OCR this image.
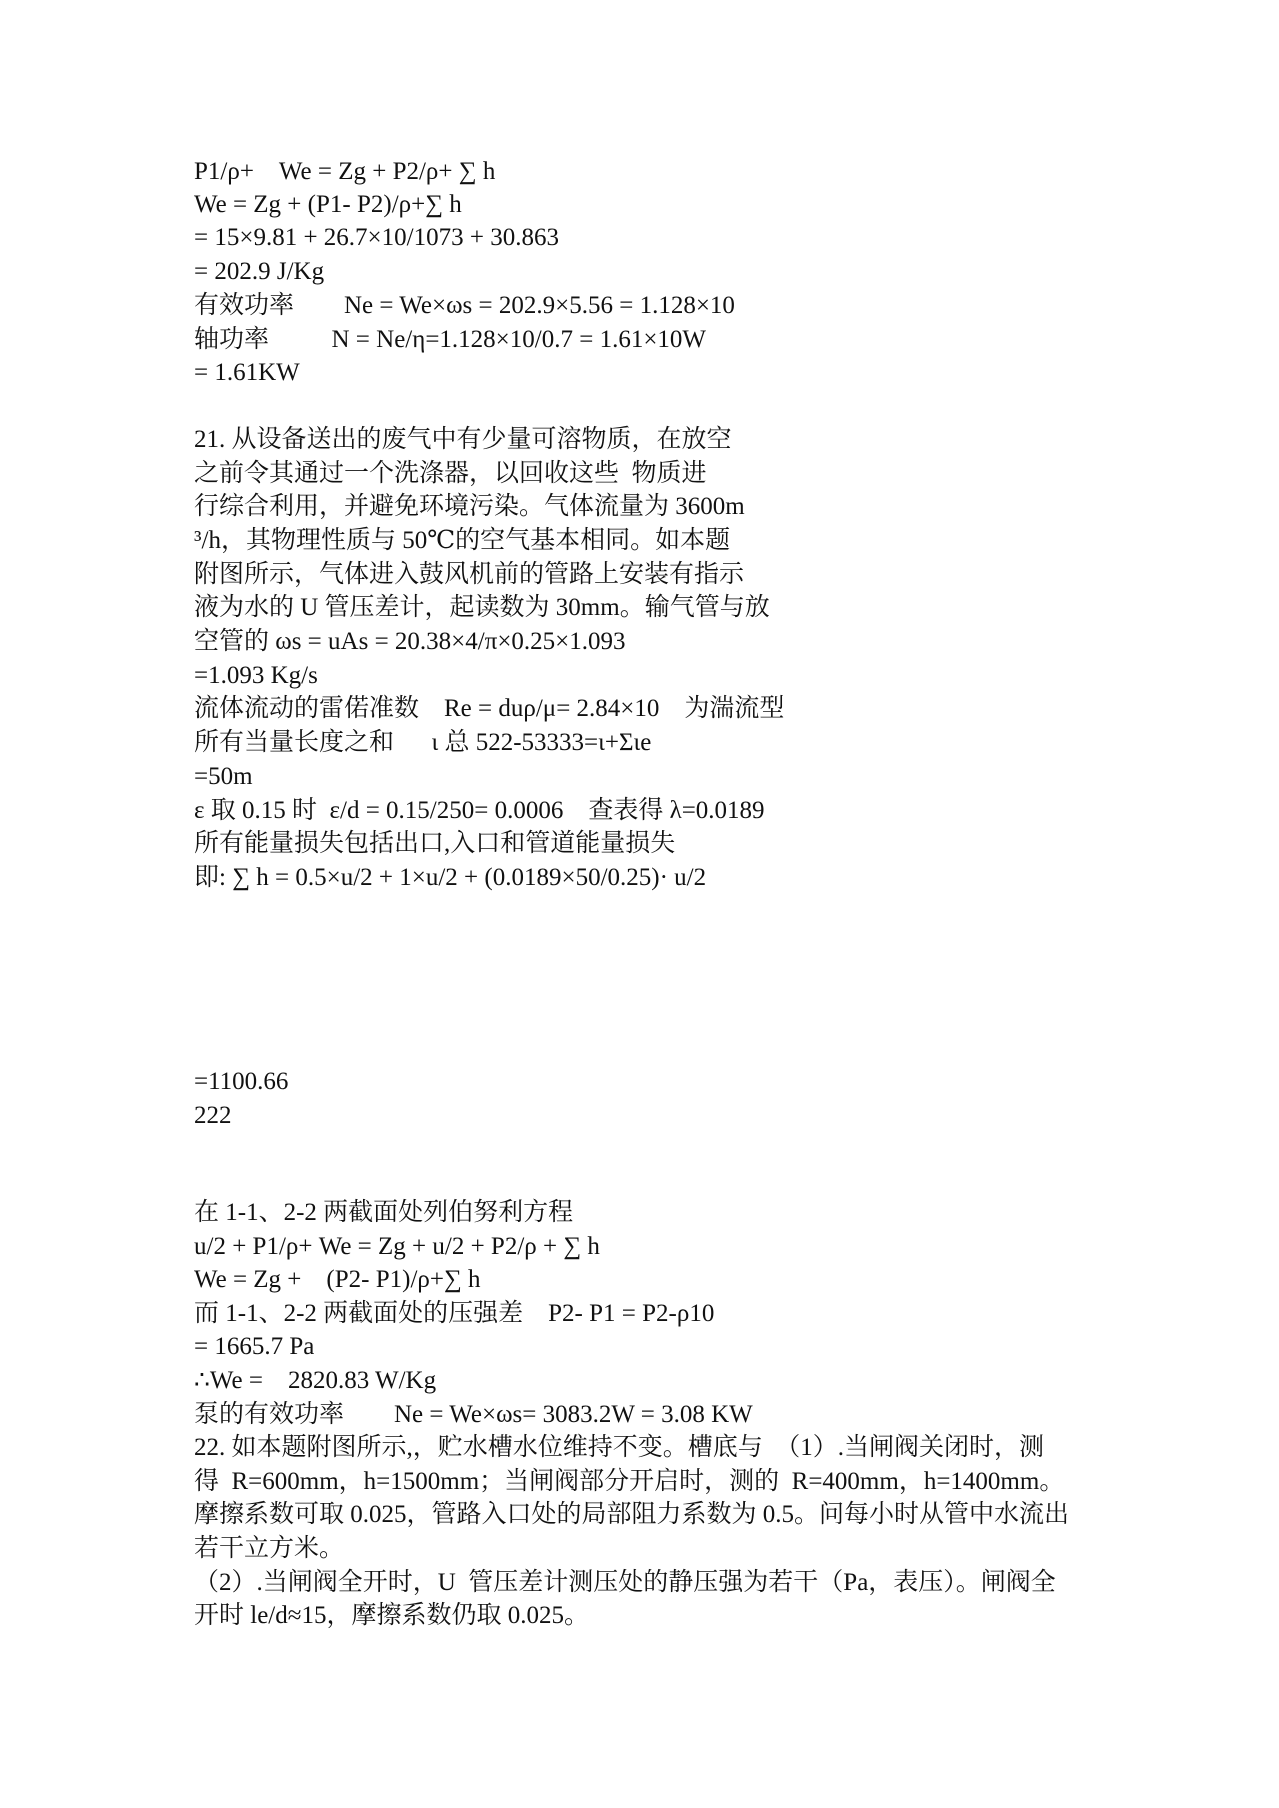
P1/ρ+    We = Zg + P2/ρ+ ∑ h
We = Zg + (P1- P2)/ρ+∑ h
= 15×9.81 + 26.7×10/1073 + 30.863
= 202.9 J/Kg
有效功率        Ne = We×ωs = 202.9×5.56 = 1.128×10
轴功率          N = Ne/η=1.128×10/0.7 = 1.61×10W
= 1.61KW
21. 从设备送出的废气中有少量可溶物质，在放空
之前令其通过一个洗涤器，以回收这些  物质进
行综合利用，并避免环境污染。气体流量为 3600m
³/h，其物理性质与 50℃的空气基本相同。如本题
附图所示，气体进入鼓风机前的管路上安装有指示
液为水的 U 管压差计，起读数为 30mm。输气管与放
空管的 ωs = uAs = 20.38×4/π×0.25×1.093
=1.093 Kg/s
流体流动的雷偌准数    Re = duρ/μ= 2.84×10    为湍流型
所有当量长度之和      ι 总 522-53333=ι+Σιe
=50m
ε 取 0.15 时  ε/d = 0.15/250= 0.0006    查表得 λ=0.0189
所有能量损失包括出口,入口和管道能量损失
即: ∑ h = 0.5×u/2 + 1×u/2 + (0.0189×50/0.25)· u/2
=1100.66
222
在 1-1、2-2 两截面处列伯努利方程
u/2 + P1/ρ+ We = Zg + u/2 + P2/ρ + ∑ h
We = Zg +    (P2- P1)/ρ+∑ h
而 1-1、2-2 两截面处的压强差    P2- P1 = P2-ρ10
= 1665.7 Pa
∴We =    2820.83 W/Kg
泵的有效功率        Ne = We×ωs= 3083.2W = 3.08 KW
22. 如本题附图所示,，贮水槽水位维持不变。槽底与  （1）.当闸阀关闭时，测
得  R=600mm，h=1500mm；当闸阀部分开启时，测的  R=400mm，h=1400mm。
摩擦系数可取 0.025，管路入口处的局部阻力系数为 0.5。问每小时从管中水流出
若干立方米。
（2）.当闸阀全开时，U  管压差计测压处的静压强为若干（Pa，表压）。闸阀全
开时 le/d≈15，摩擦系数仍取 0.025。
